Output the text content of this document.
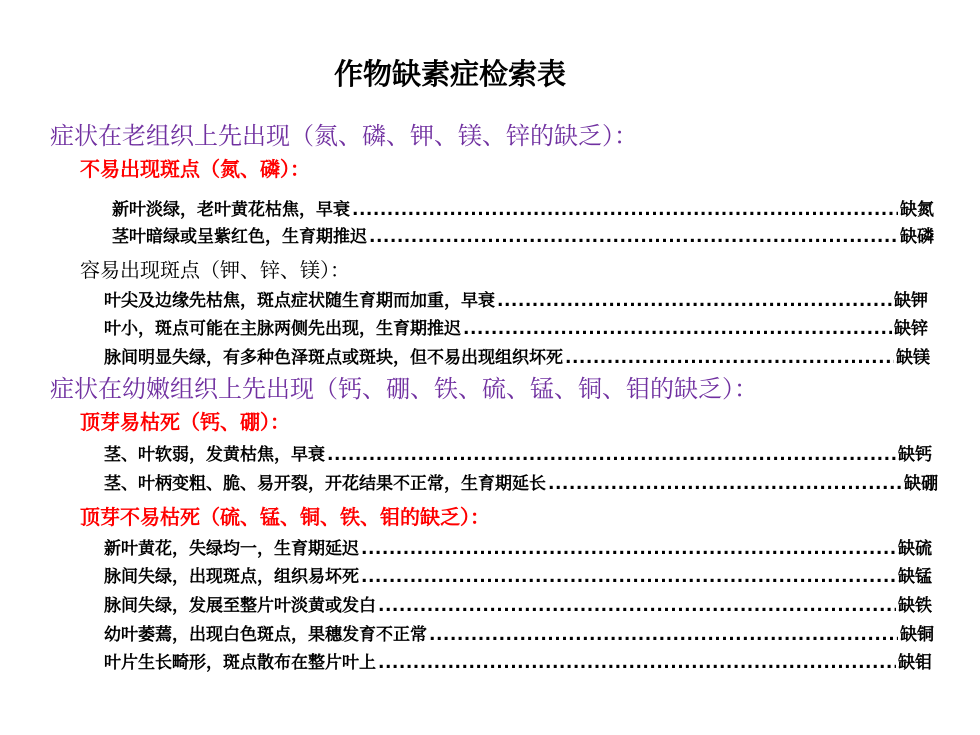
作物缺素症检索表
症状在老组织上先出现（氮、磷、钾、镁、锌的缺乏）：
不易出现斑点（氮、磷）：
新叶淡绿，老叶黄花枯焦，早衰 .....	缺氮
茎叶暗绿或呈紫红色，生育期推迟 .....	缺磷
容易出现斑点（钾、锌、镁）：
叶尖及边缘先枯焦，斑点症状随生育期而加重，早衰 .....	缺钾
叶小，斑点可能在主脉两侧先出现，生育期推迟 .....	缺锌
脉间明显失绿，有多种色泽斑点或斑块，但不易出现组织坏死 .....	缺镁
症状在幼嫩组织上先出现（钙、硼、铁、硫、锰、铜、钼的缺乏）：
顶芽易枯死（钙、硼）：
茎、叶软弱，发黄枯焦，早衰 .....	缺钙
茎、叶柄变粗、脆、易开裂，开花结果不正常，生育期延长 .....	缺硼
顶芽不易枯死（硫、锰、铜、铁、钼的缺乏）：
新叶黄花，失绿均一，生育期延迟 .....	缺硫
脉间失绿，出现斑点，组织易坏死 .....	缺锰
脉间失绿，发展至整片叶淡黄或发白 .....	缺铁
幼叶萎蔫，出现白色斑点，果穗发育不正常 .....	缺铜
叶片生长畸形，斑点散布在整片叶上 .....	缺钼
